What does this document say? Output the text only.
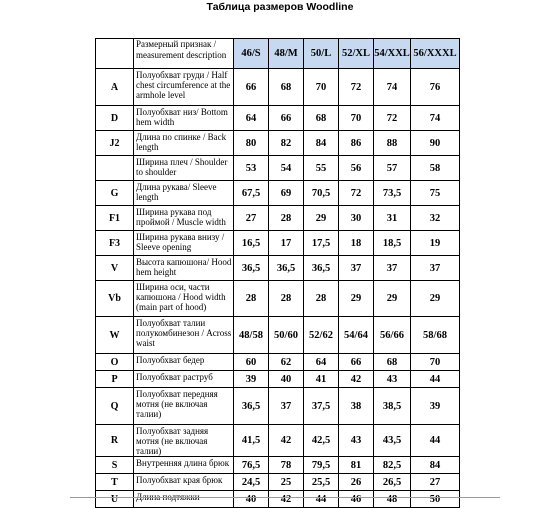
Таблица размеров Woodline
	Размерный признак / measurement description	46/S	48/M	50/L	52/XL	54/XXL	56/XXXL
A	Полуобхват груди / Half chest circumference at the armhole level	66	68	70	72	74	76
D	Полуобхват низ/ Bottom hem width	64	66	68	70	72	74
J2	Длина по спинке / Back length	80	82	84	86	88	90
	Ширина плеч / Shoulder to shoulder	53	54	55	56	57	58
G	Длина рукава/ Sleeve length	67,5	69	70,5	72	73,5	75
F1	Ширина рукава под проймой / Muscle width	27	28	29	30	31	32
F3	Ширина рукава внизу / Sleeve opening	16,5	17	17,5	18	18,5	19
V	Высота капюшона/ Hood hem height	36,5	36,5	36,5	37	37	37
Vb	Ширина оси, части капюшона / Hood width (main part of hood)	28	28	28	29	29	29
W	Полуобхват талии полукомбинезон / Across waist	48/58	50/60	52/62	54/64	56/66	58/68
O	Полуобхват бедер	60	62	64	66	68	70
P	Полуобхват раструб	39	40	41	42	43	44
Q	Полуобхват передняя мотня (не включая талии)	36,5	37	37,5	38	38,5	39
R	Полуобхват задняя мотня (не включая талии)	41,5	42	42,5	43	43,5	44
S	Внутренняя длина брюк	76,5	78	79,5	81	82,5	84
T	Полуобхват края брюк	24,5	25	25,5	26	26,5	27
U	Длина подтяжки	40	42	44	46	48	50
